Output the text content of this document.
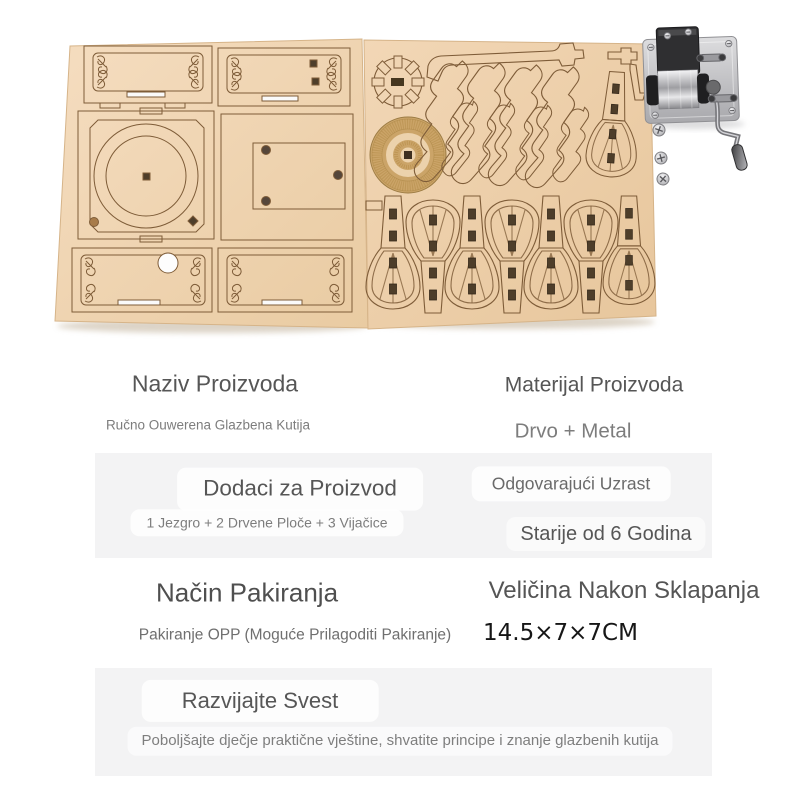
Naziv Proizvoda
Ručno Ouwerena Glazbena Kutija
Materijal Proizvoda
Drvo + Metal
Dodaci za Proizvod
1 Jezgro + 2 Drvene Ploče + 3 Vijačice
Odgovarajući Uzrast
Starije od 6 Godina
Način Pakiranja
Pakiranje OPP (Moguće Prilagoditi Pakiranje)
Veličina Nakon Sklapanja
14.5×7×7CM
Razvijajte Svest
Poboljšajte dječje praktične vještine, shvatite principe i znanje glazbenih kutija
